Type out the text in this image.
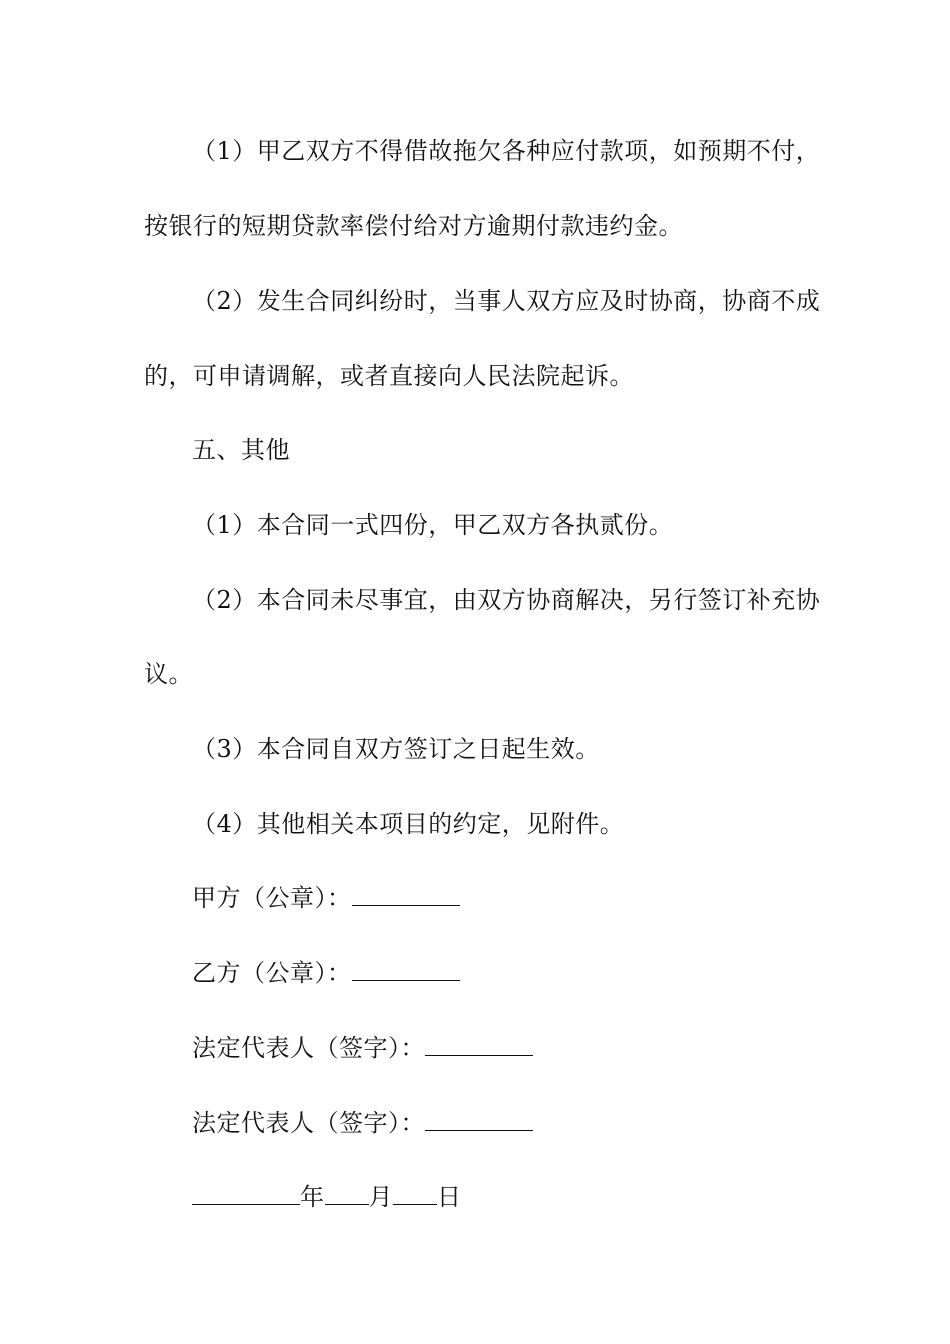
（1）甲乙双方不得借故拖欠各种应付款项，如预期不付，
按银行的短期贷款率偿付给对方逾期付款违约金。
（2）发生合同纠纷时，当事人双方应及时协商，协商不成
的，可申请调解，或者直接向人民法院起诉。
五、其他
（1）本合同一式四份，甲乙双方各执贰份。
（2）本合同未尽事宜，由双方协商解决，另行签订补充协
议。
（3）本合同自双方签订之日起生效。
（4）其他相关本项目的约定，见附件。
甲方（公章）：
乙方（公章）：
法定代表人（签字）：
法定代表人（签字）：
年 月 日
